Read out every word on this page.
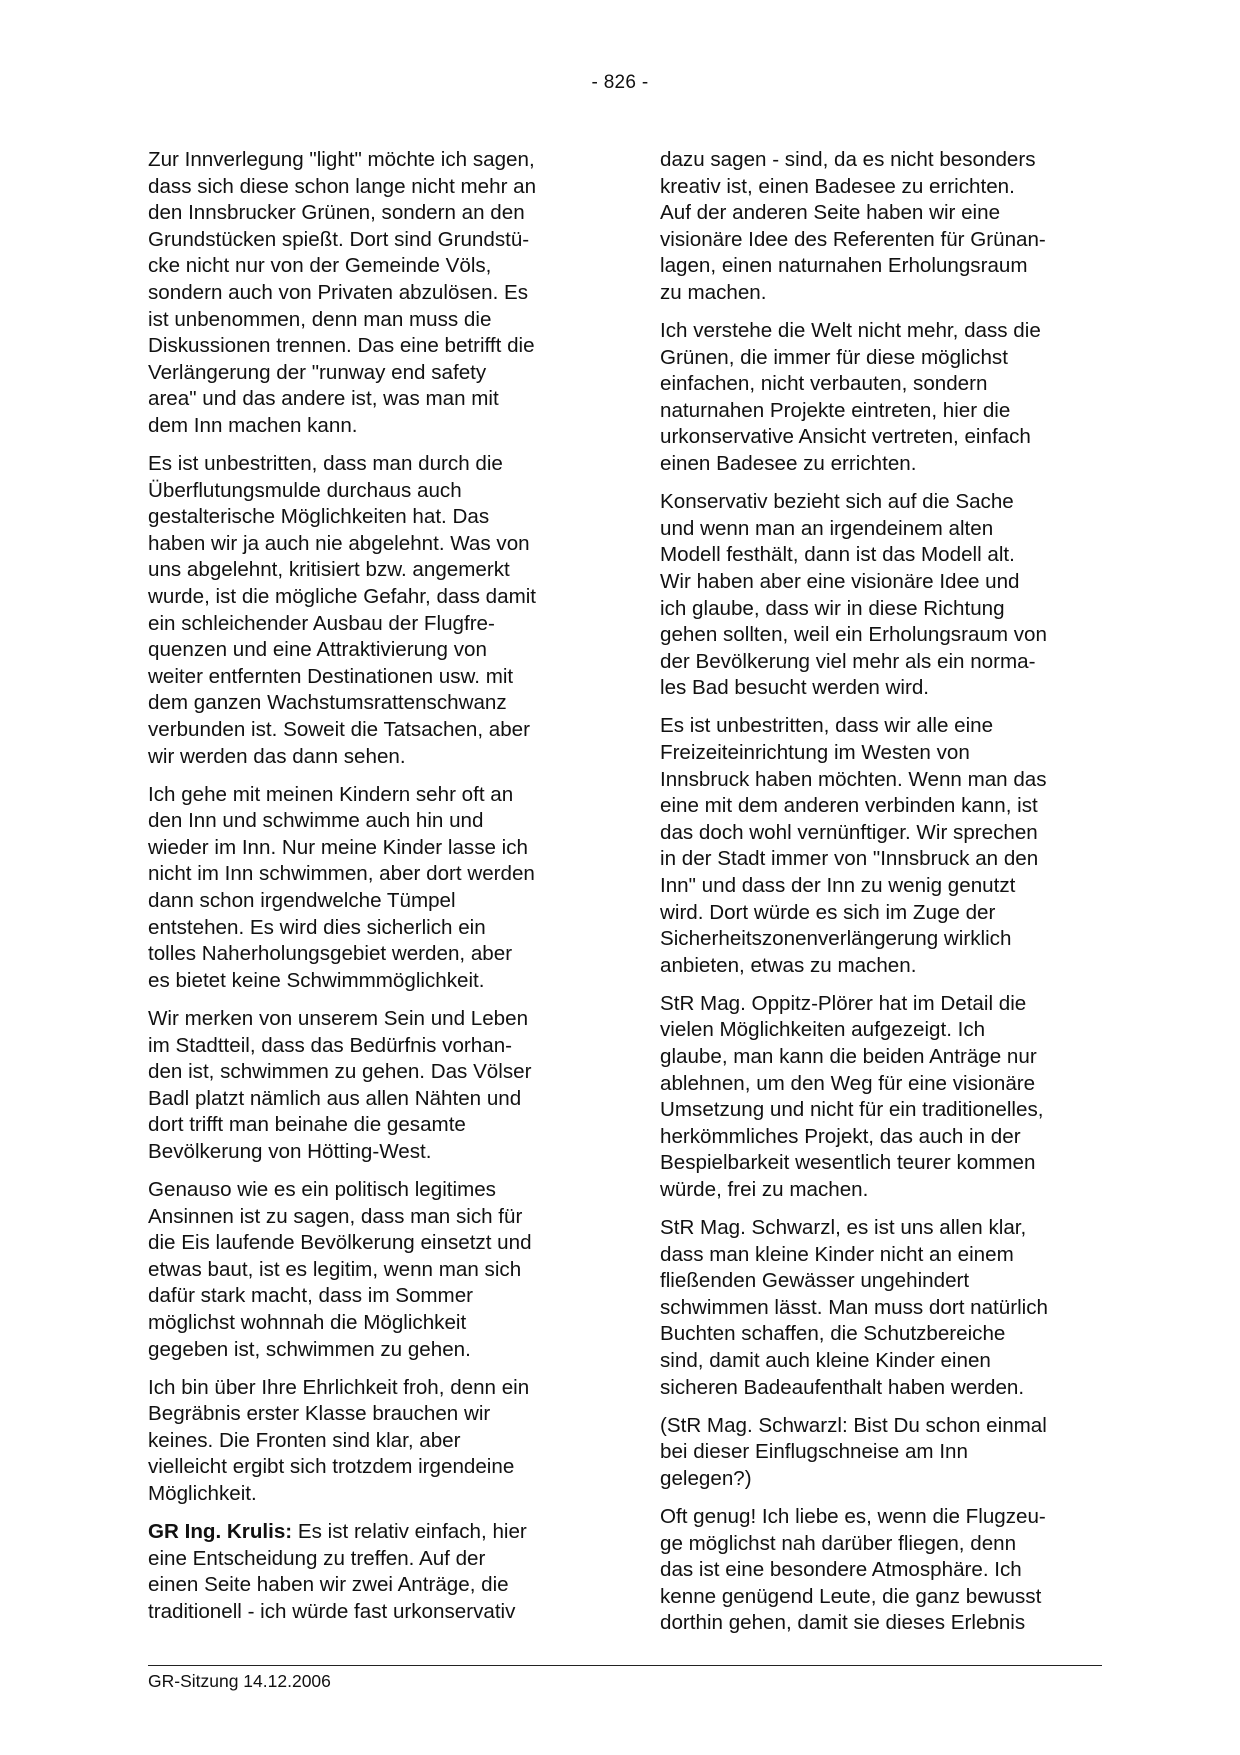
- 826 -

Zur Innverlegung "light" möchte ich sagen,
dass sich diese schon lange nicht mehr an
den Innsbrucker Grünen, sondern an den
Grundstücken spießt. Dort sind Grundstü-
cke nicht nur von der Gemeinde Völs,
sondern auch von Privaten abzulösen. Es
ist unbenommen, denn man muss die
Diskussionen trennen. Das eine betrifft die
Verlängerung der "runway end safety
area" und das andere ist, was man mit
dem Inn machen kann.

Es ist unbestritten, dass man durch die
Überflutungsmulde durchaus auch
gestalterische Möglichkeiten hat. Das
haben wir ja auch nie abgelehnt. Was von
uns abgelehnt, kritisiert bzw. angemerkt
wurde, ist die mögliche Gefahr, dass damit
ein schleichender Ausbau der Flugfre-
quenzen und eine Attraktivierung von
weiter entfernten Destinationen usw. mit
dem ganzen Wachstumsrattenschwanz
verbunden ist. Soweit die Tatsachen, aber
wir werden das dann sehen.

Ich gehe mit meinen Kindern sehr oft an
den Inn und schwimme auch hin und
wieder im Inn. Nur meine Kinder lasse ich
nicht im Inn schwimmen, aber dort werden
dann schon irgendwelche Tümpel
entstehen. Es wird dies sicherlich ein
tolles Naherholungsgebiet werden, aber
es bietet keine Schwimmmöglichkeit.

Wir merken von unserem Sein und Leben
im Stadtteil, dass das Bedürfnis vorhan-
den ist, schwimmen zu gehen. Das Völser
Badl platzt nämlich aus allen Nähten und
dort trifft man beinahe die gesamte
Bevölkerung von Hötting-West.

Genauso wie es ein politisch legitimes
Ansinnen ist zu sagen, dass man sich für
die Eis laufende Bevölkerung einsetzt und
etwas baut, ist es legitim, wenn man sich
dafür stark macht, dass im Sommer
möglichst wohnnah die Möglichkeit
gegeben ist, schwimmen zu gehen.

Ich bin über Ihre Ehrlichkeit froh, denn ein
Begräbnis erster Klasse brauchen wir
keines. Die Fronten sind klar, aber
vielleicht ergibt sich trotzdem irgendeine
Möglichkeit.

GR Ing. Krulis: Es ist relativ einfach, hier
eine Entscheidung zu treffen. Auf der
einen Seite haben wir zwei Anträge, die
traditionell - ich würde fast urkonservativ

dazu sagen - sind, da es nicht besonders
kreativ ist, einen Badesee zu errichten.
Auf der anderen Seite haben wir eine
visionäre Idee des Referenten für Grünan-
lagen, einen naturnahen Erholungsraum
zu machen.

Ich verstehe die Welt nicht mehr, dass die
Grünen, die immer für diese möglichst
einfachen, nicht verbauten, sondern
naturnahen Projekte eintreten, hier die
urkonservative Ansicht vertreten, einfach
einen Badesee zu errichten.

Konservativ bezieht sich auf die Sache
und wenn man an irgendeinem alten
Modell festhält, dann ist das Modell alt.
Wir haben aber eine visionäre Idee und
ich glaube, dass wir in diese Richtung
gehen sollten, weil ein Erholungsraum von
der Bevölkerung viel mehr als ein norma-
les Bad besucht werden wird.

Es ist unbestritten, dass wir alle eine
Freizeiteinrichtung im Westen von
Innsbruck haben möchten. Wenn man das
eine mit dem anderen verbinden kann, ist
das doch wohl vernünftiger. Wir sprechen
in der Stadt immer von "Innsbruck an den
Inn" und dass der Inn zu wenig genutzt
wird. Dort würde es sich im Zuge der
Sicherheitszonenverlängerung wirklich
anbieten, etwas zu machen.

StR Mag. Oppitz-Plörer hat im Detail die
vielen Möglichkeiten aufgezeigt. Ich
glaube, man kann die beiden Anträge nur
ablehnen, um den Weg für eine visionäre
Umsetzung und nicht für ein traditionelles,
herkömmliches Projekt, das auch in der
Bespielbarkeit wesentlich teurer kommen
würde, frei zu machen.

StR Mag. Schwarzl, es ist uns allen klar,
dass man kleine Kinder nicht an einem
fließenden Gewässer ungehindert
schwimmen lässt. Man muss dort natürlich
Buchten schaffen, die Schutzbereiche
sind, damit auch kleine Kinder einen
sicheren Badeaufenthalt haben werden.

(StR Mag. Schwarzl: Bist Du schon einmal
bei dieser Einflugschneise am Inn
gelegen?)

Oft genug! Ich liebe es, wenn die Flugzeu-
ge möglichst nah darüber fliegen, denn
das ist eine besondere Atmosphäre. Ich
kenne genügend Leute, die ganz bewusst
dorthin gehen, damit sie dieses Erlebnis

GR-Sitzung 14.12.2006
